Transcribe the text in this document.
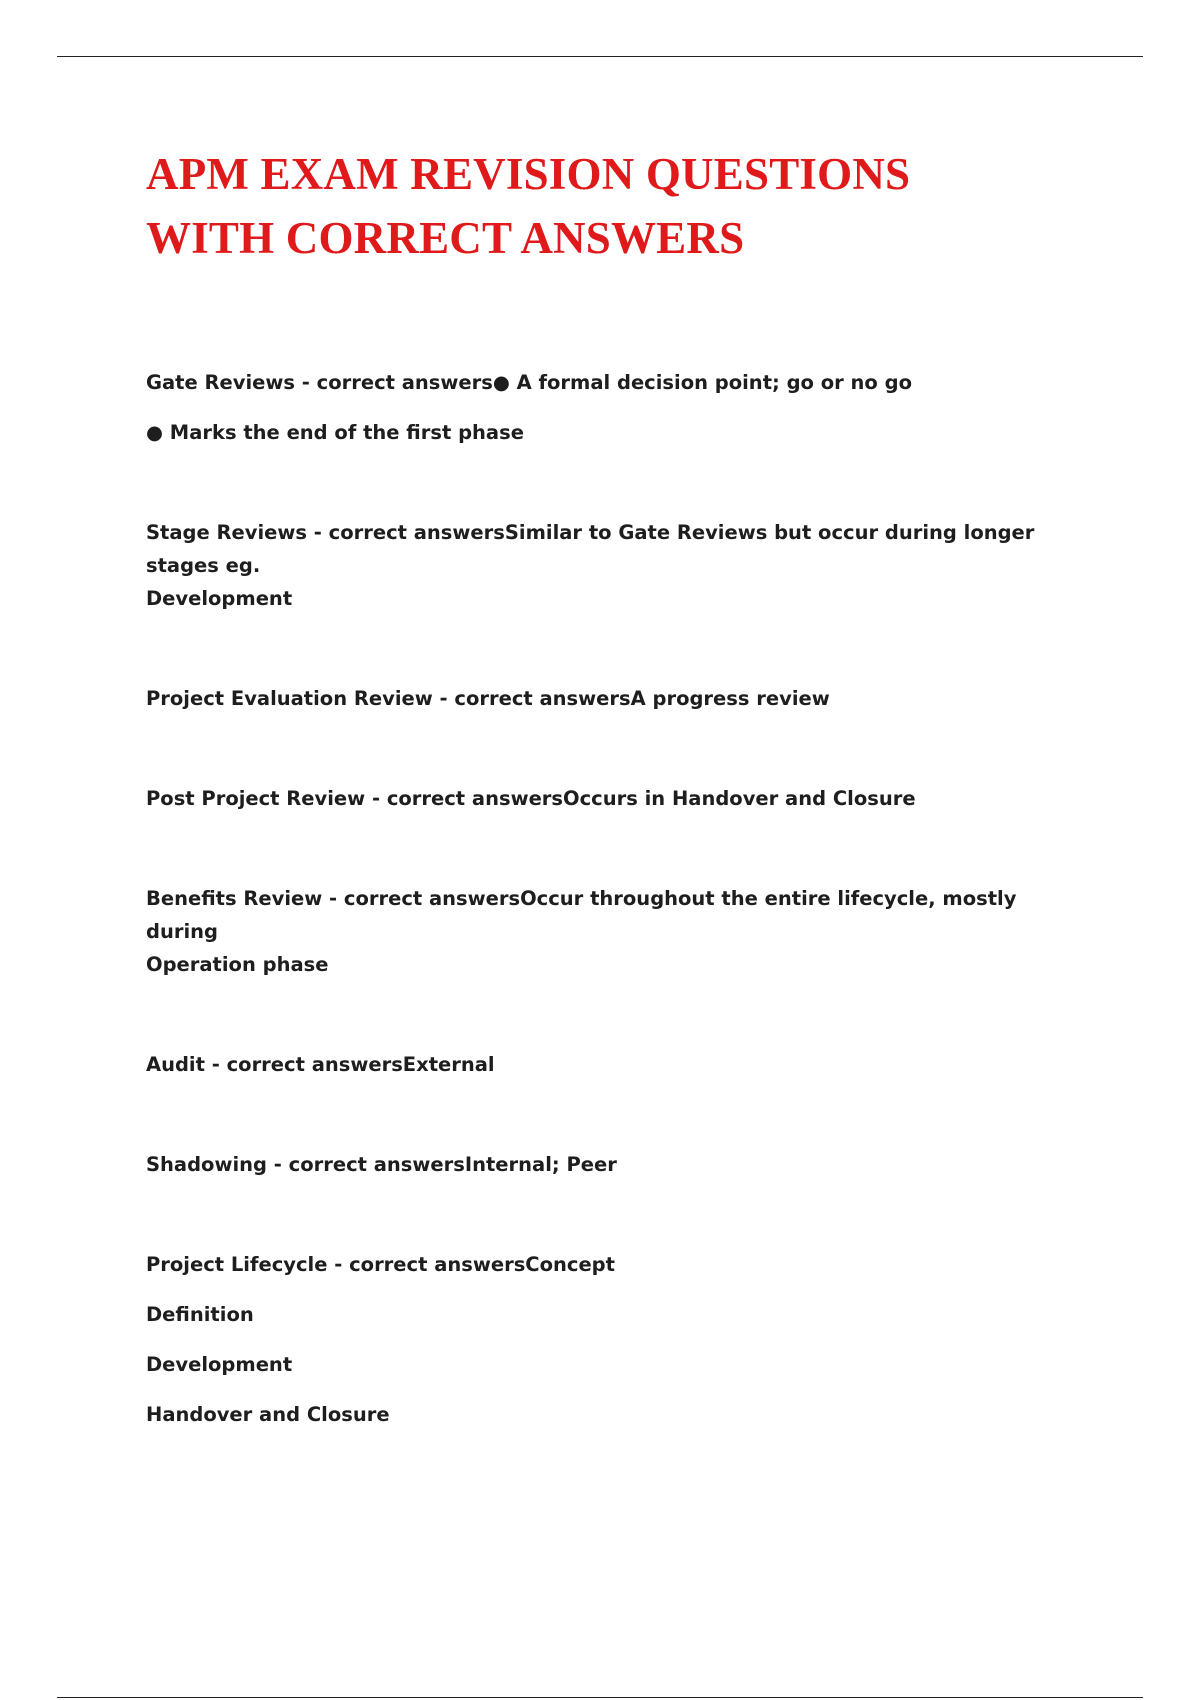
APM EXAM REVISION QUESTIONS
WITH CORRECT ANSWERS

Gate Reviews - correct answers● A formal decision point; go or no go

● Marks the end of the first phase

Stage Reviews - correct answersSimilar to Gate Reviews but occur during longer stages eg.

Development

Project Evaluation Review - correct answersA progress review

Post Project Review - correct answersOccurs in Handover and Closure

Benefits Review - correct answersOccur throughout the entire lifecycle, mostly during

Operation phase

Audit - correct answersExternal

Shadowing - correct answersInternal; Peer

Project Lifecycle - correct answersConcept

Definition

Development

Handover and Closure
